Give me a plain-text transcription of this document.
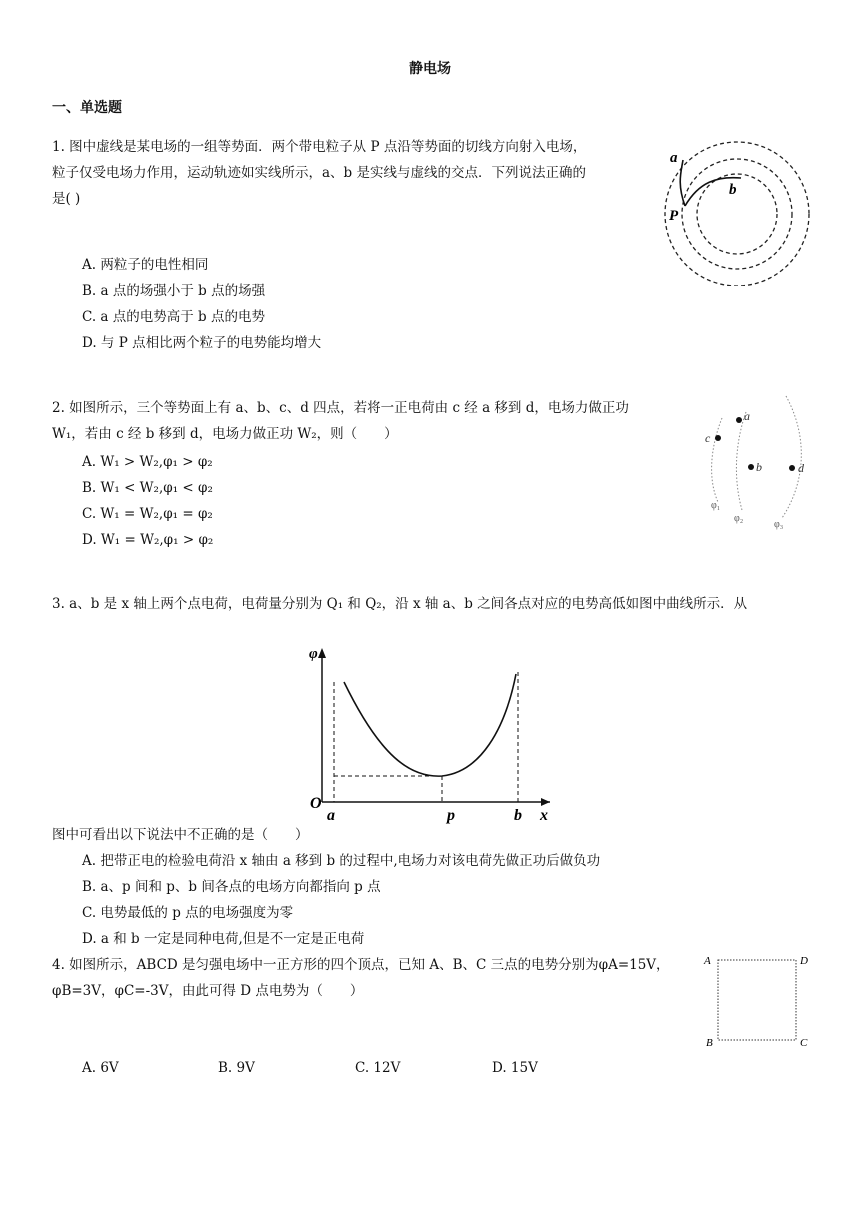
静电场
一、单选题
1. 图中虚线是某电场的一组等势面．两个带电粒子从 P 点沿等势面的切线方向射入电场，
粒子仅受电场力作用，运动轨迹如实线所示，a、b 是实线与虚线的交点．下列说法正确的
是( )
A. 两粒子的电性相同
B. a 点的场强小于 b 点的场强
C. a 点的电势高于 b 点的电势
D. 与 P 点相比两个粒子的电势能均增大
a
b
P
2. 如图所示，三个等势面上有 a、b、c、d 四点，若将一正电荷由 c 经 a 移到 d，电场力做正功
W₁，若由 c 经 b 移到 d，电场力做正功 W₂，则（　　）
A. W₁ > W₂,φ₁ > φ₂
B. W₁ < W₂,φ₁ < φ₂
C. W₁ = W₂,φ₁ = φ₂
D. W₁ = W₂,φ₁ > φ₂
a
c
b	d
φ₁
φ₂
φ₃
3. a、b 是 x 轴上两个点电荷，电荷量分别为 Q₁ 和 Q₂，沿 x 轴 a、b 之间各点对应的电势高低如图中曲线所示．从
φ
O
a	p	b x
图中可看出以下说法中不正确的是（　　）
A. 把带正电的检验电荷沿 x 轴由 a 移到 b 的过程中,电场力对该电荷先做正功后做负功
B. a、p 间和 p、b 间各点的电场方向都指向 p 点
C. 电势最低的 p 点的电场强度为零
D. a 和 b 一定是同种电荷,但是不一定是正电荷
4. 如图所示，ABCD 是匀强电场中一正方形的四个顶点，已知 A、B、C 三点的电势分别为φA=15V，
φB=3V，φC=-3V，由此可得 D 点电势为（　　）
A	D
B	C
A. 6V	B. 9V	C. 12V	D. 15V
